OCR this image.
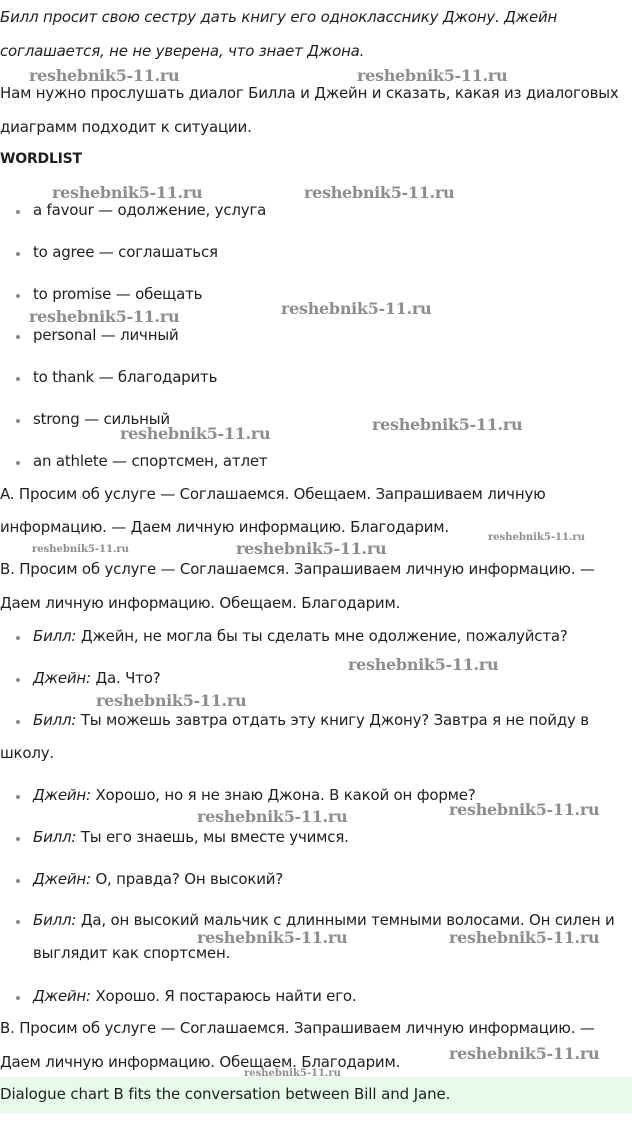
Билл просит свою сестру дать книгу его однокласснику Джону. Джейн
соглашается, не не уверена, что знает Джона.
Нам нужно прослушать диалог Билла и Джейн и сказать, какая из диалоговых
диаграмм подходит к ситуации.
WORDLIST
a favour — одолжение, услуга
to agree — соглашаться
to promise — обещать
personal — личный
to thank — благодарить
strong — сильный
an athlete — спортсмен, атлет
A. Просим об услуге — Соглашаемся. Обещаем. Запрашиваем личную
информацию. — Даем личную информацию. Благодарим.
B. Просим об услуге — Соглашаемся. Запрашиваем личную информацию. —
Даем личную информацию. Обещаем. Благодарим.
Билл: Джейн, не могла бы ты сделать мне одолжение, пожалуйста?
Джейн: Да. Что?
Билл: Ты можешь завтра отдать эту книгу Джону? Завтра я не пойду в
школу.
Джейн: Хорошо, но я не знаю Джона. В какой он форме?
Билл: Ты его знаешь, мы вместе учимся.
Джейн: О, правда? Он высокий?
Билл: Да, он высокий мальчик с длинными темными волосами. Он силен и
выглядит как спортсмен.
Джейн: Хорошо. Я постараюсь найти его.
B. Просим об услуге — Соглашаемся. Запрашиваем личную информацию. —
Даем личную информацию. Обещаем. Благодарим.
Dialogue chart B fits the conversation between Bill and Jane.
reshebnik5-11.ru	reshebnik5-11.ru
reshebnik5-11.ru	reshebnik5-11.ru
reshebnik5-11.ru	reshebnik5-11.ru
reshebnik5-11.ru	reshebnik5-11.ru
reshebnik5-11.ru	reshebnik5-11.ru
reshebnik5-11.ru
reshebnik5-11.ru
reshebnik5-11.ru
reshebnik5-11.ru	reshebnik5-11.ru
reshebnik5-11.ru	reshebnik5-11.ru
reshebnik5-11.ru
reshebnik5-11.ru
